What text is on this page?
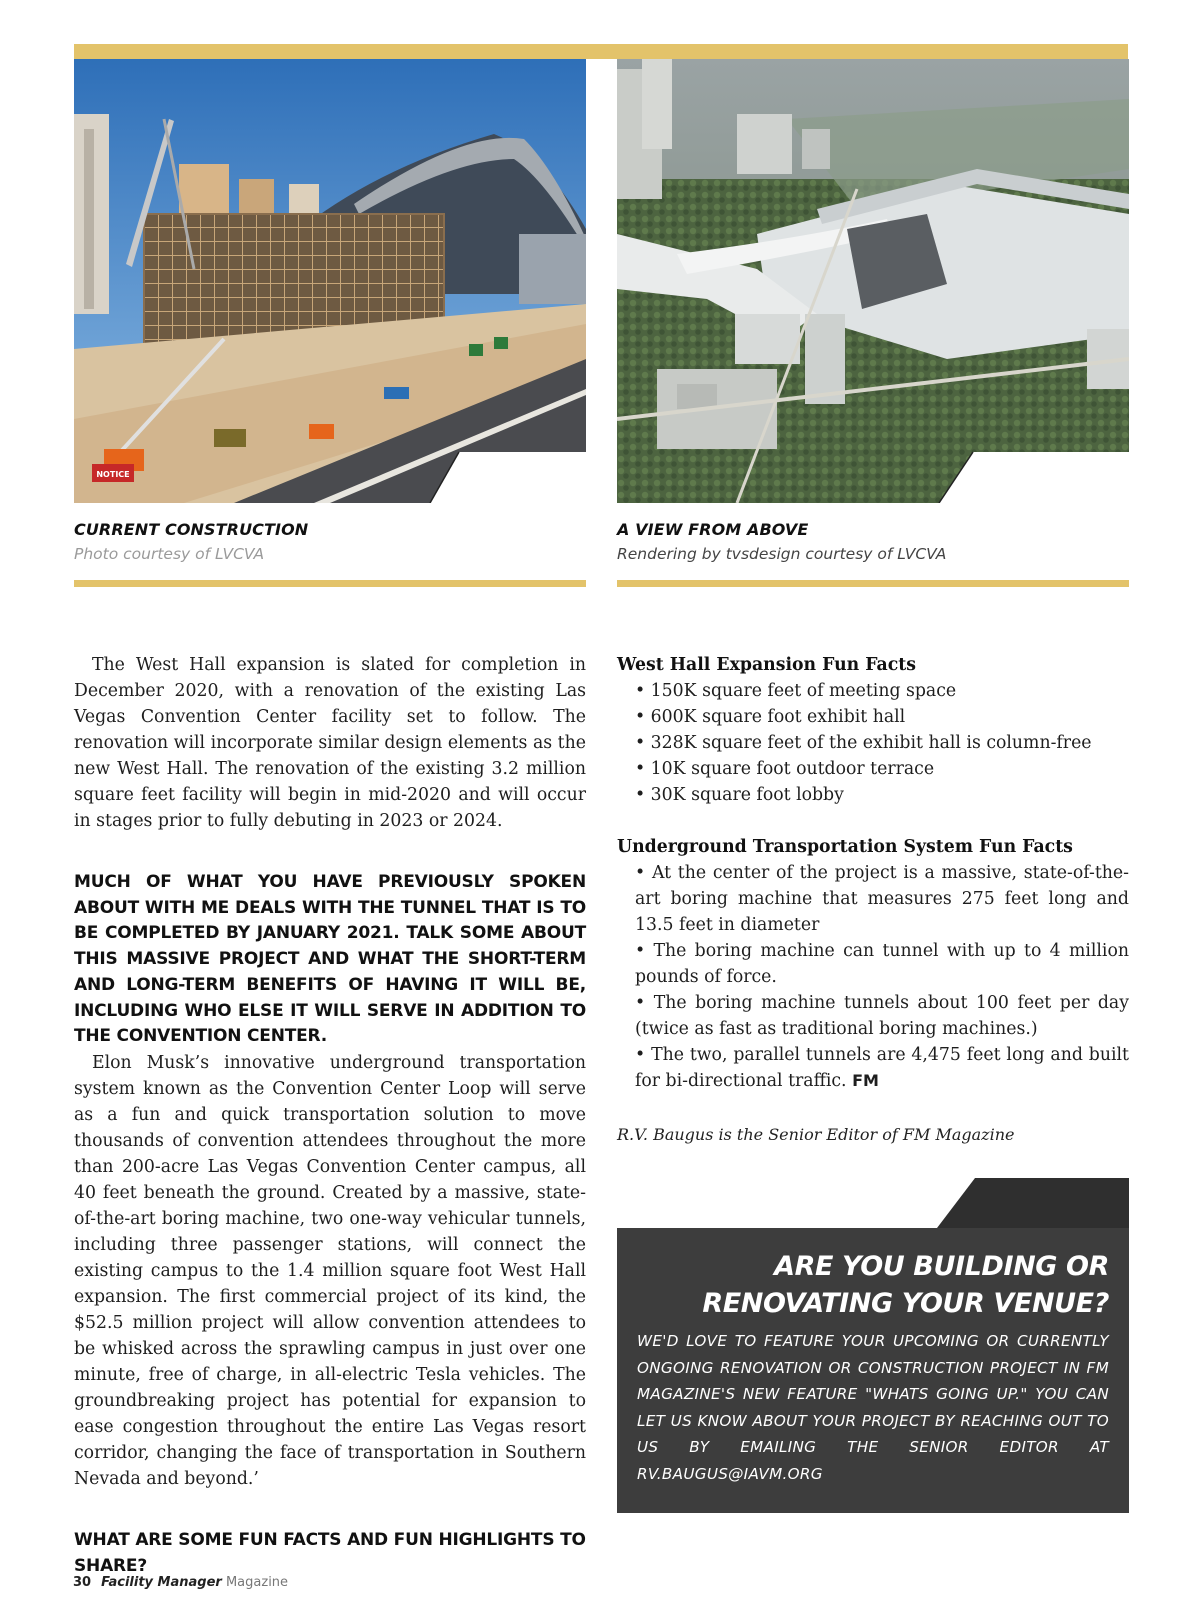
NOTICE
CURRENT CONSTRUCTION
Photo courtesy of LVCVA
A VIEW FROM ABOVE
Rendering by tvsdesign courtesy of LVCVA

The West Hall expansion is slated for completion in December 2020, with a renovation of the existing Las Vegas Convention Center facility set to follow. The renovation will incorporate similar design elements as the new West Hall. The renovation of the existing 3.2 million square feet facility will begin in mid-2020 and will occur in stages prior to fully debuting in 2023 or 2024.

MUCH OF WHAT YOU HAVE PREVIOUSLY SPOKEN ABOUT WITH ME DEALS WITH THE TUNNEL THAT IS TO BE COMPLETED BY JANUARY 2021. TALK SOME ABOUT THIS MASSIVE PROJECT AND WHAT THE SHORT-TERM AND LONG-TERM BENEFITS OF HAVING IT WILL BE, INCLUDING WHO ELSE IT WILL SERVE IN ADDITION TO THE CONVENTION CENTER.

Elon Musk’s innovative underground transportation system known as the Convention Center Loop will serve as a fun and quick transportation solution to move thousands of convention attendees throughout the more than 200-acre Las Vegas Convention Center campus, all 40 feet beneath the ground. Created by a massive, state-of-the-art boring machine, two one-way vehicular tunnels, including three passenger stations, will connect the existing campus to the 1.4 million square foot West Hall expansion. The first commercial project of its kind, the $52.5 million project will allow convention attendees to be whisked across the sprawling campus in just over one minute, free of charge, in all-electric Tesla vehicles. The groundbreaking project has potential for expansion to ease congestion throughout the entire Las Vegas resort corridor, changing the face of transportation in Southern Nevada and beyond.’

WHAT ARE SOME FUN FACTS AND FUN HIGHLIGHTS TO SHARE?
West Hall Expansion Fun Facts
• 150K square feet of meeting space
• 600K square foot exhibit hall
• 328K square feet of the exhibit hall is column-free
• 10K square foot outdoor terrace
• 30K square foot lobby
Underground Transportation System Fun Facts
• At the center of the project is a massive, state-of-the-art boring machine that measures 275 feet long and 13.5 feet in diameter
• The boring machine can tunnel with up to 4 million pounds of force.
• The boring machine tunnels about 100 feet per day (twice as fast as traditional boring machines.)
• The two, parallel tunnels are 4,475 feet long and built for bi-directional traffic. FM
R.V. Baugus is the Senior Editor of FM Magazine
ARE YOU BUILDING OR
RENOVATING YOUR VENUE?
WE'D LOVE TO FEATURE YOUR UPCOMING OR CURRENTLY ONGOING RENOVATION OR CONSTRUCTION PROJECT IN FM MAGAZINE'S NEW FEATURE "WHATS GOING UP." YOU CAN LET US KNOW ABOUT YOUR PROJECT BY REACHING OUT TO US BY EMAILING THE SENIOR EDITOR AT RV.BAUGUS@IAVM.ORG
30 Facility Manager Magazine
